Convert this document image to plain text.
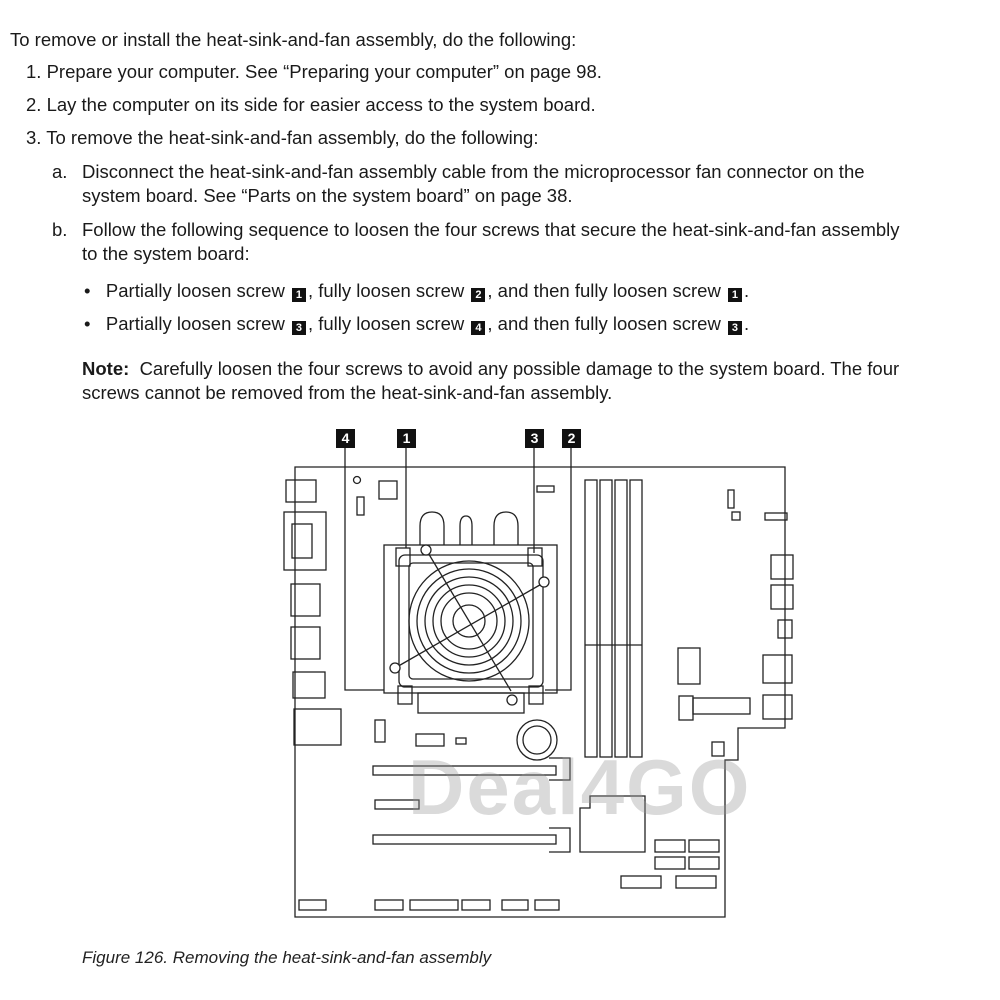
To remove or install the heat-sink-and-fan assembly, do the following:
1. Prepare your computer. See “Preparing your computer” on page 98.
2. Lay the computer on its side for easier access to the system board.
3. To remove the heat-sink-and-fan assembly, do the following:
a. Disconnect the heat-sink-and-fan assembly cable from the microprocessor fan connector on the
system board. See “Parts on the system board” on page 38.
b. Follow the following sequence to loosen the four screws that secure the heat-sink-and-fan assembly
to the system board:
• Partially loosen screw 1 , fully loosen screw 2 , and then fully loosen screw 1 .
• Partially loosen screw 3 , fully loosen screw 4 , and then fully loosen screw 3 .
Note: Carefully loosen the four screws to avoid any possible damage to the system board. The four
screws cannot be removed from the heat-sink-and-fan assembly.
4	1	3	2
Deal4GO
Figure 126. Removing the heat-sink-and-fan assembly
